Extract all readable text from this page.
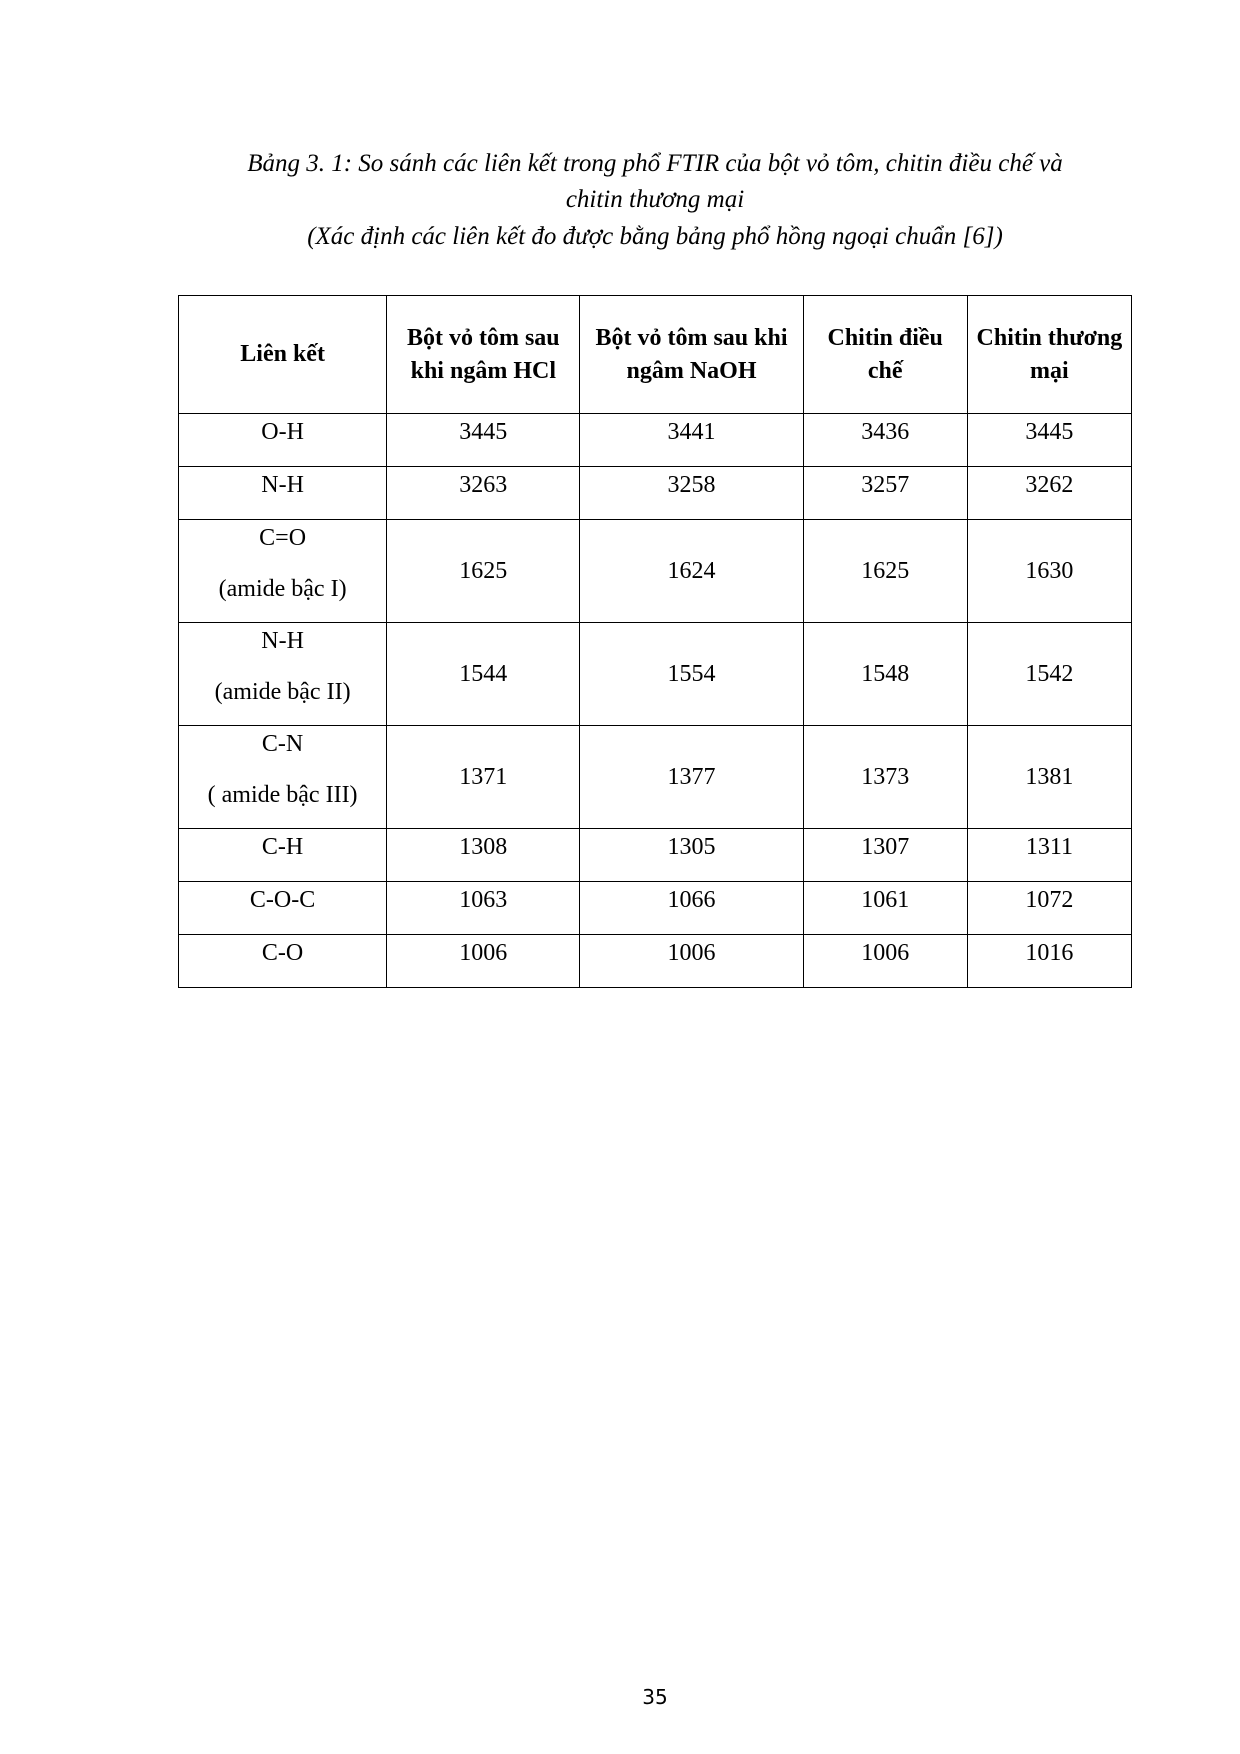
Bảng 3. 1: So sánh các liên kết trong phổ FTIR của bột vỏ tôm, chitin điều chế và
chitin thương mại
(Xác định các liên kết đo được bằng bảng phổ hồng ngoại chuẩn [6])
Liên kết	Bột vỏ tôm sau khi ngâm HCl	Bột vỏ tôm sau khi ngâm NaOH	Chitin điều chế	Chitin thương mại
O-H	3445	3441	3436	3445
N-H	3263	3258	3257	3262
C=O
(amide bậc I)	1625	1624	1625	1630
N-H
(amide bậc II)	1544	1554	1548	1542
C-N
( amide bậc III)	1371	1377	1373	1381
C-H	1308	1305	1307	1311
C-O-C	1063	1066	1061	1072
C-O	1006	1006	1006	1016
35
